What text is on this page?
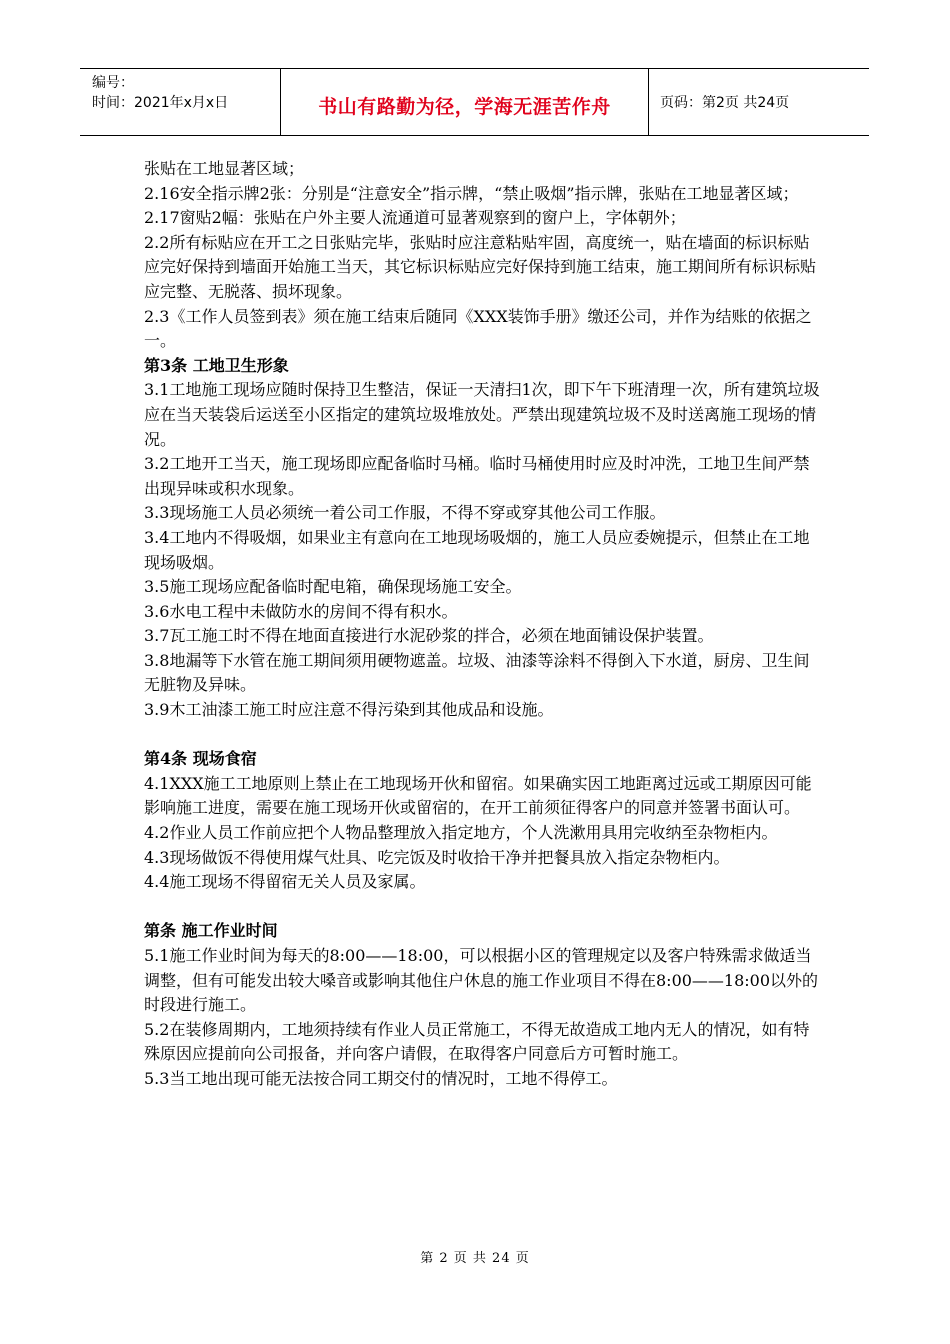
编号：
时间：2021年x月x日	书山有路勤为径，学海无涯苦作舟	页码：第2页 共24页

张贴在工地显著区域；

2.16安全指示牌2张：分别是“注意安全”指示牌，“禁止吸烟”指示牌，张贴在工地显著区域；

2.17窗贴2幅：张贴在户外主要人流通道可显著观察到的窗户上，字体朝外；

2.2所有标贴应在开工之日张贴完毕，张贴时应注意粘贴牢固，高度统一，贴在墙面的标识标贴应完好保持到墙面开始施工当天，其它标识标贴应完好保持到施工结束，施工期间所有标识标贴应完整、无脱落、损坏现象。

2.3《工作人员签到表》须在施工结束后随同《XXX装饰手册》缴还公司，并作为结账的依据之一。

第3条 工地卫生形象

3.1工地施工现场应随时保持卫生整洁，保证一天清扫1次，即下午下班清理一次，所有建筑垃圾应在当天装袋后运送至小区指定的建筑垃圾堆放处。严禁出现建筑垃圾不及时送离施工现场的情况。

3.2工地开工当天，施工现场即应配备临时马桶。临时马桶使用时应及时冲洗，工地卫生间严禁出现异味或积水现象。

3.3现场施工人员必须统一着公司工作服，不得不穿或穿其他公司工作服。

3.4工地内不得吸烟，如果业主有意向在工地现场吸烟的，施工人员应委婉提示，但禁止在工地现场吸烟。

3.5施工现场应配备临时配电箱，确保现场施工安全。

3.6水电工程中未做防水的房间不得有积水。

3.7瓦工施工时不得在地面直接进行水泥砂浆的拌合，必须在地面铺设保护装置。

3.8地漏等下水管在施工期间须用硬物遮盖。垃圾、油漆等涂料不得倒入下水道，厨房、卫生间无脏物及异味。

3.9木工油漆工施工时应注意不得污染到其他成品和设施。

第4条 现场食宿

4.1XXX施工工地原则上禁止在工地现场开伙和留宿。如果确实因工地距离过远或工期原因可能影响施工进度，需要在施工现场开伙或留宿的，在开工前须征得客户的同意并签署书面认可。

4.2作业人员工作前应把个人物品整理放入指定地方，个人洗漱用具用完收纳至杂物柜内。

4.3现场做饭不得使用煤气灶具、吃完饭及时收拾干净并把餐具放入指定杂物柜内。

4.4施工现场不得留宿无关人员及家属。

第条 施工作业时间

5.1施工作业时间为每天的8:00——18:00，可以根据小区的管理规定以及客户特殊需求做适当调整，但有可能发出较大嗓音或影响其他住户休息的施工作业项目不得在8:00——18:00以外的时段进行施工。

5.2在装修周期内，工地须持续有作业人员正常施工，不得无故造成工地内无人的情况，如有特殊原因应提前向公司报备，并向客户请假，在取得客户同意后方可暂时施工。

5.3当工地出现可能无法按合同工期交付的情况时，工地不得停工。

第 2 页 共 24 页
